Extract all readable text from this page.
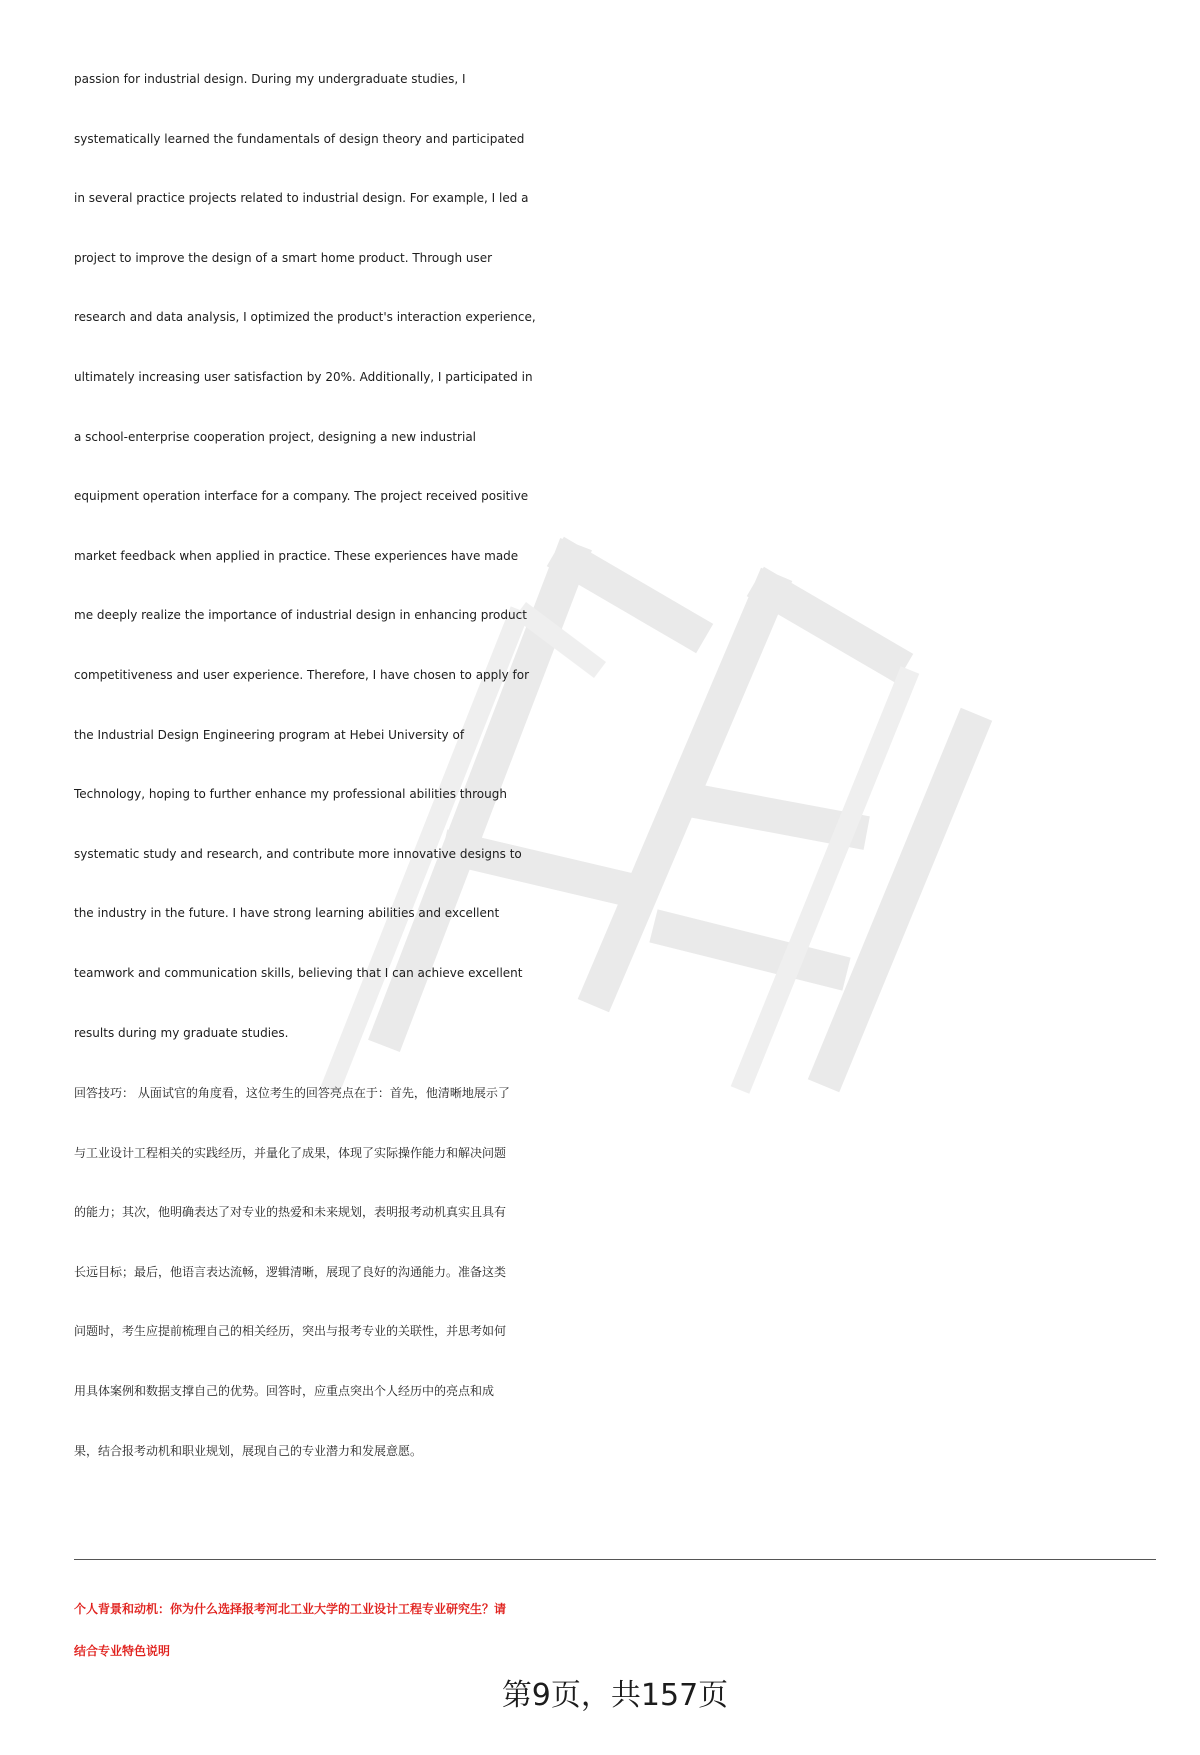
passion for industrial design. During my undergraduate studies, I
systematically learned the fundamentals of design theory and participated
in several practice projects related to industrial design. For example, I led a
project to improve the design of a smart home product. Through user
research and data analysis, I optimized the product's interaction experience,
ultimately increasing user satisfaction by 20%. Additionally, I participated in
a school-enterprise cooperation project, designing a new industrial
equipment operation interface for a company. The project received positive
market feedback when applied in practice. These experiences have made
me deeply realize the importance of industrial design in enhancing product
competitiveness and user experience. Therefore, I have chosen to apply for
the Industrial Design Engineering program at Hebei University of
Technology, hoping to further enhance my professional abilities through
systematic study and research, and contribute more innovative designs to
the industry in the future. I have strong learning abilities and excellent
teamwork and communication skills, believing that I can achieve excellent
results during my graduate studies.
回答技巧： 从面试官的角度看，这位考生的回答亮点在于：首先，他清晰地展示了
与工业设计工程相关的实践经历，并量化了成果，体现了实际操作能力和解决问题
的能力；其次，他明确表达了对专业的热爱和未来规划，表明报考动机真实且具有
长远目标；最后，他语言表达流畅，逻辑清晰，展现了良好的沟通能力。准备这类
问题时，考生应提前梳理自己的相关经历，突出与报考专业的关联性，并思考如何
用具体案例和数据支撑自己的优势。回答时，应重点突出个人经历中的亮点和成
果，结合报考动机和职业规划，展现自己的专业潜力和发展意愿。
个人背景和动机：你为什么选择报考河北工业大学的工业设计工程专业研究生？请
结合专业特色说明
第9页，共157页
